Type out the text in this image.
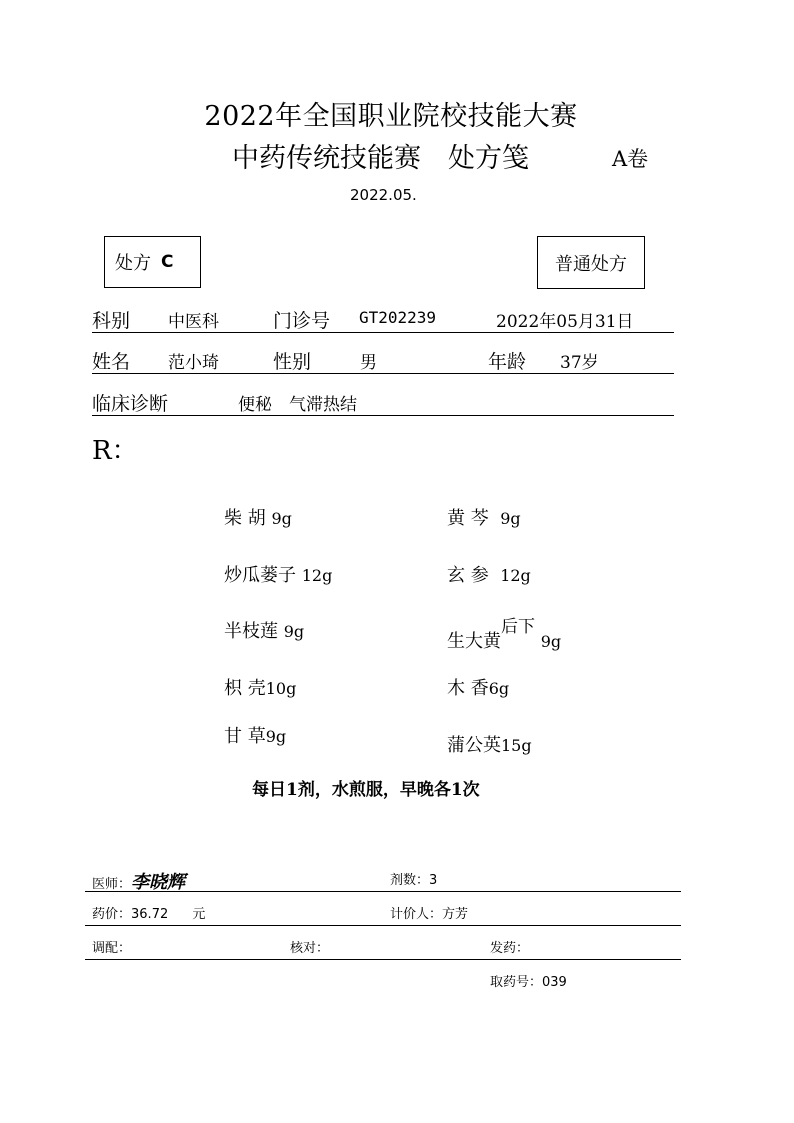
2022年全国职业院校技能大赛
中药传统技能赛　处方笺	A卷
2022.05.
处方 C	普通处方
科别 中医科	门诊号 GT202239	2022年05月31日
姓名 范小琦	性别	男	年龄 37岁
临床诊断	便秘　气滞热结
R：
柴 胡 9g	黄 芩 9g
炒瓜蒌子 12g	玄 参 12g
半枝莲 9g	生大黄$^{后下}$ 9g
枳 壳10g	木 香6g
甘 草9g	蒲公英15g
每日1剂，水煎服，早晚各1次
医师：李晓辉	剂数：3
药价：36.72 元	计价人：方芳
调配：	核对：	发药：
取药号：039
